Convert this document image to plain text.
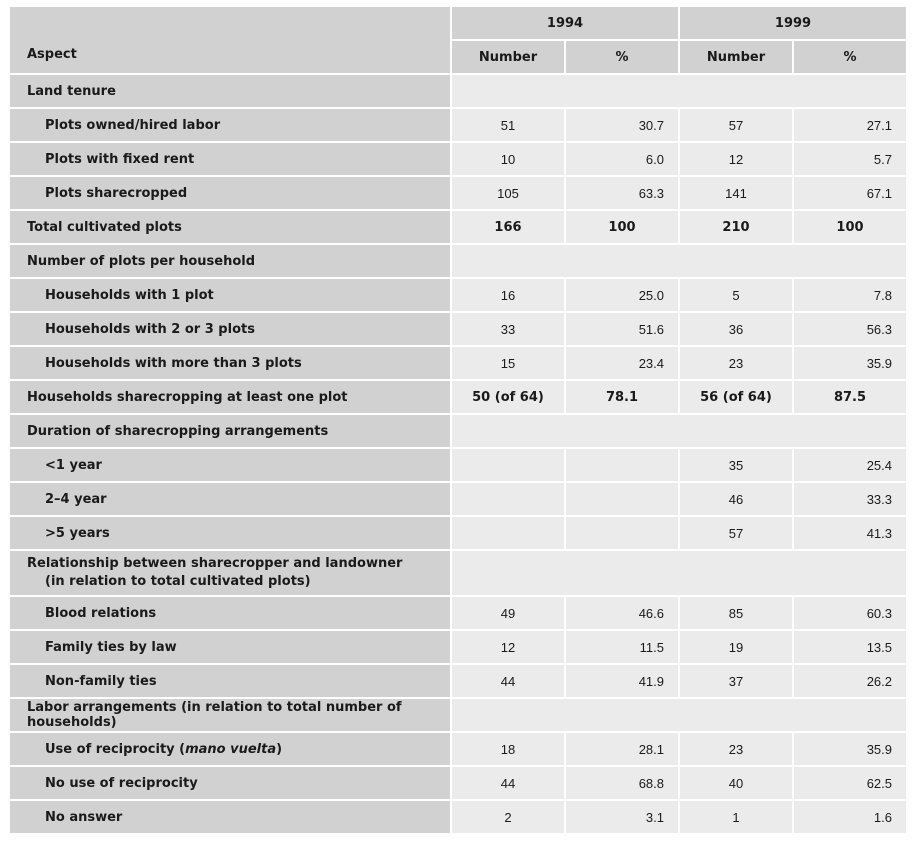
Aspect	1994		1999	
	Number	%	Number	%
Land tenure				
Plots owned/hired labor	51	30.7	57	27.1
Plots with fixed rent	10	6.0	12	5.7
Plots sharecropped	105	63.3	141	67.1
Total cultivated plots	166	100	210	100
Number of plots per household				
Households with 1 plot	16	25.0	5	7.8
Households with 2 or 3 plots	33	51.6	36	56.3
Households with more than 3 plots	15	23.4	23	35.9
Households sharecropping at least one plot	50 (of 64)	78.1	56 (of 64)	87.5
Duration of sharecropping arrangements				
<1 year			35	25.4
2–4 year			46	33.3
>5 years			57	41.3

Relationship between sharecropper and landowner
(in relation to total cultivated plots)				

Blood relations	49	46.6	85	60.3
Family ties by law	12	11.5	19	13.5
Non-family ties	44	41.9	37	26.2
Labor arrangements (in relation to total number of households)				
Use of reciprocity (mano vuelta)	18	28.1	23	35.9
No use of reciprocity	44	68.8	40	62.5
No answer	2	3.1	1	1.6
